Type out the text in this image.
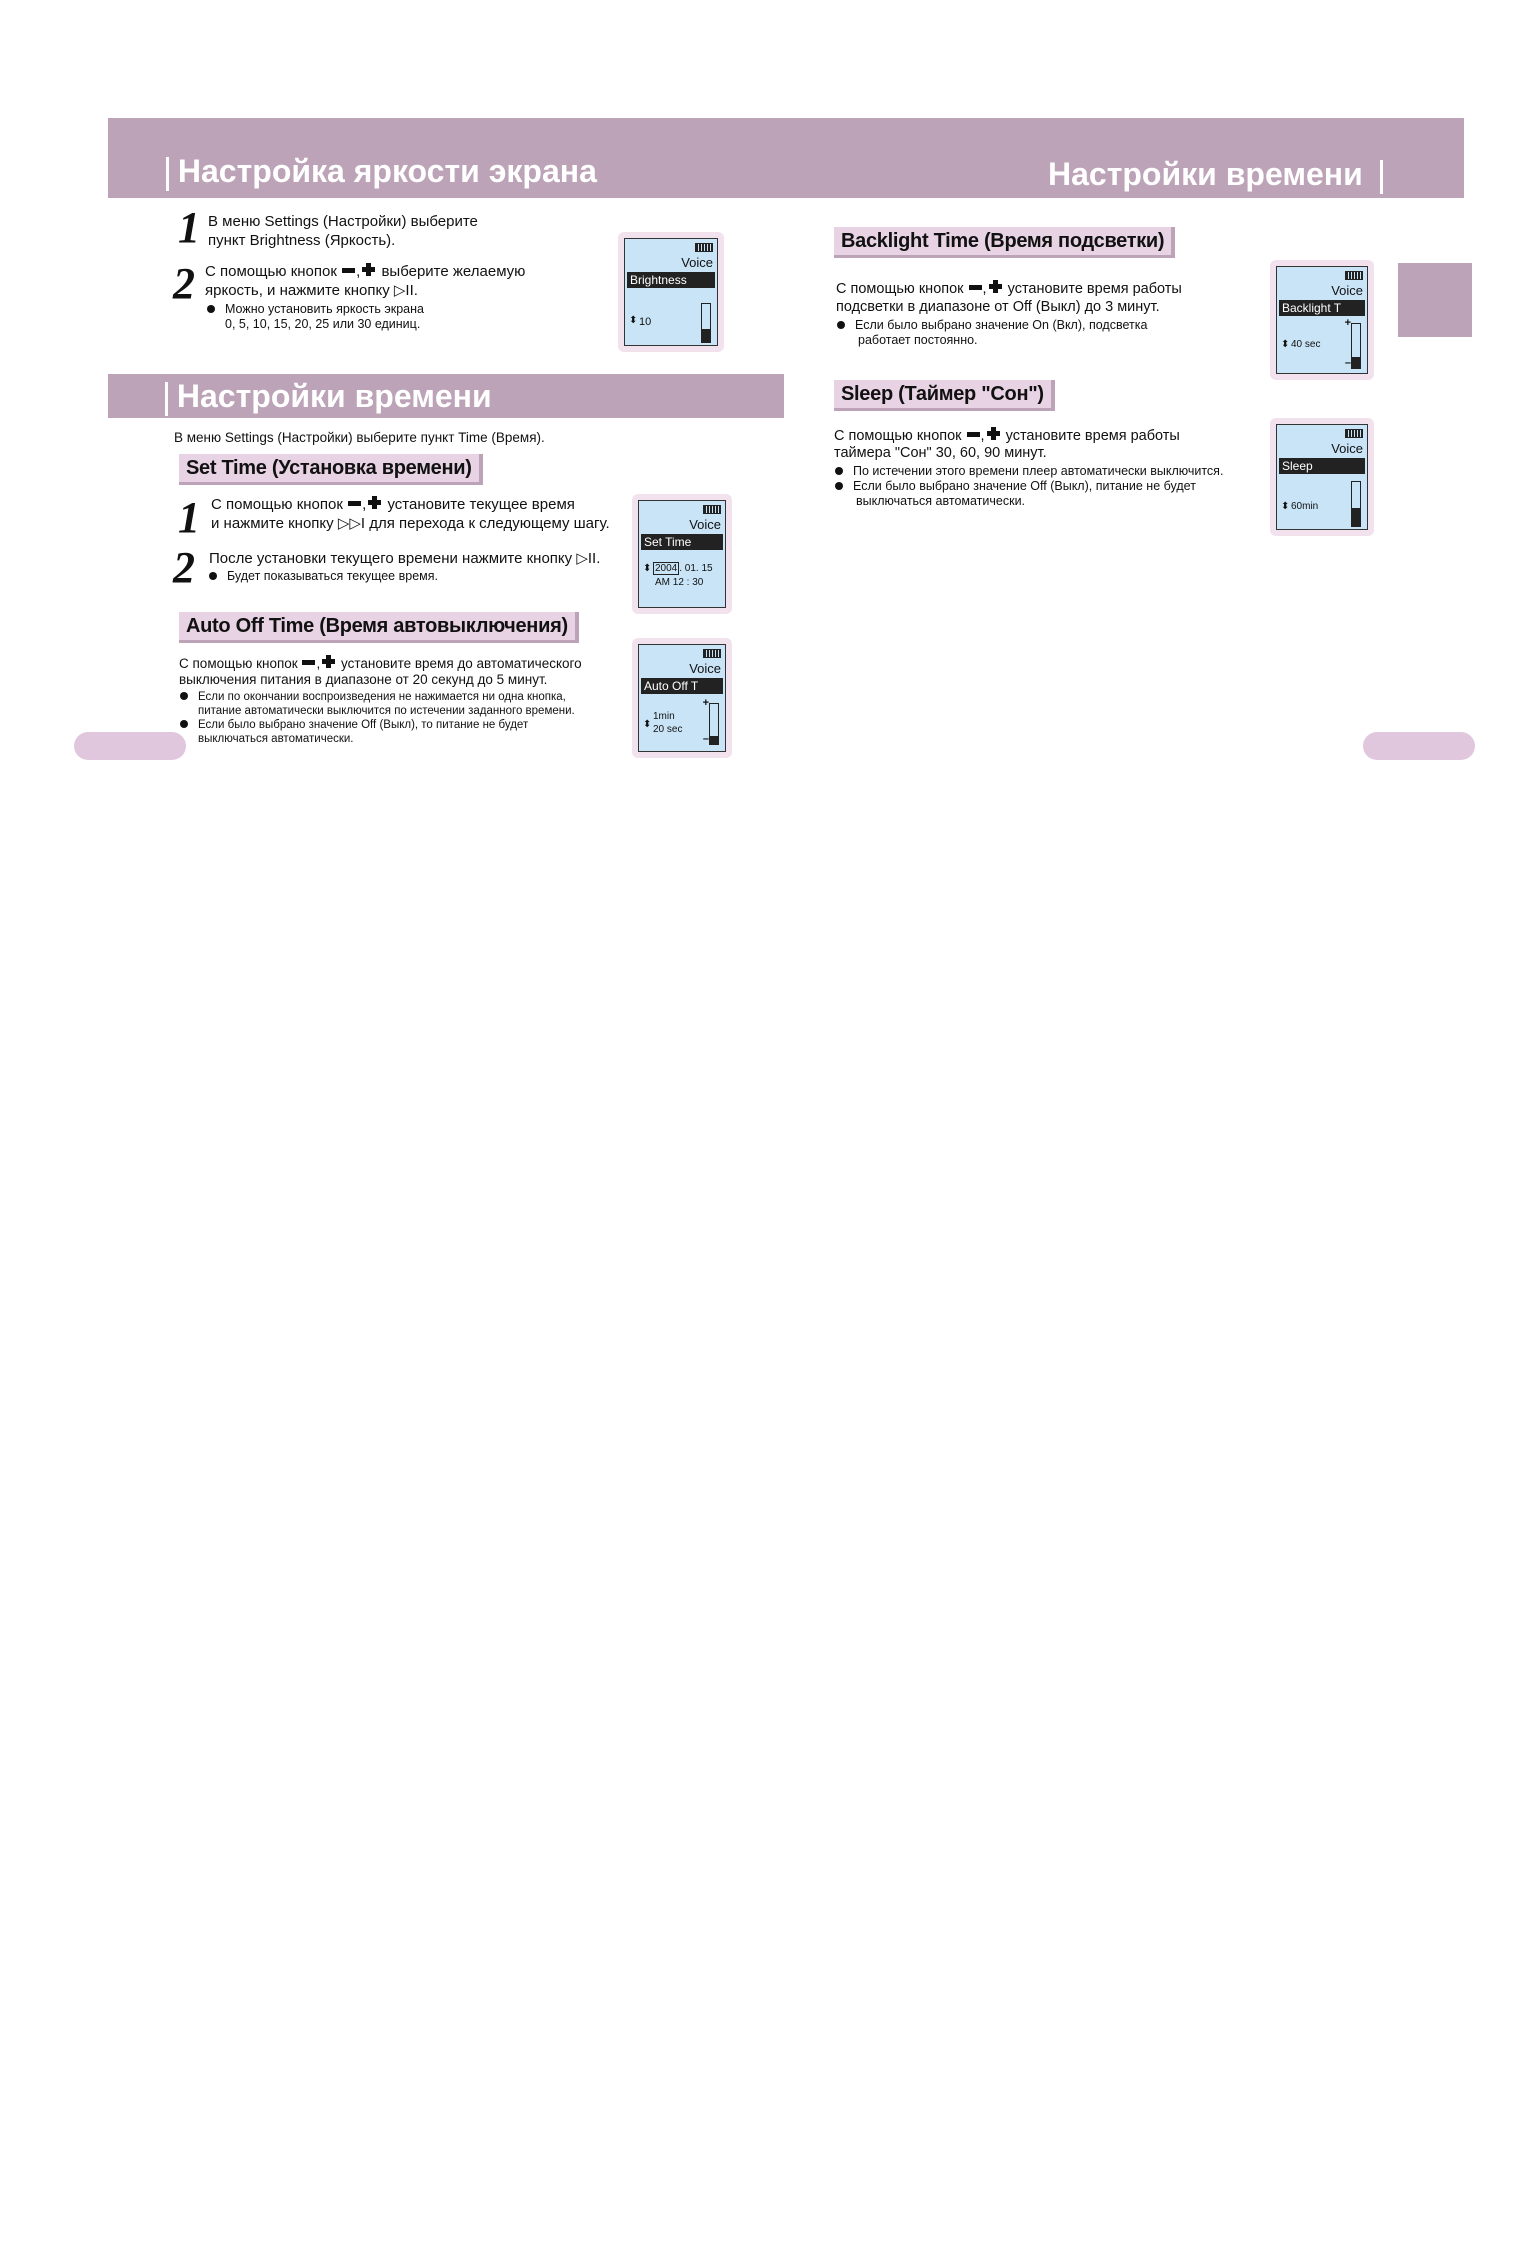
Настройка яркости экрана	Настройки времени
1 В меню Settings (Настройки) выберите
пункт Brightness (Яркость).
2 С помощью кнопок , выберите желаемую
яркость, и нажмите кнопку ▷II.
Можно установить яркость экрана
0, 5, 10, 15, 20, 25 или 30 единиц.
Voice
Brightness
⬍ 10
Настройки времени
В меню Settings (Настройки) выберите пункт Time (Время).
Set Time (Установка времени)
1 С помощью кнопок , установите текущее время
и нажмите кнопку ▷▷I для перехода к следующему шагу.
2 После установки текущего времени нажмите кнопку ▷II.
Будет показываться текущее время.
Voice
Set Time
⬍ 2004 . 01. 15
AM 12 : 30
Auto Off Time (Время автовыключения)
С помощью кнопок , установите время до автоматического
выключения питания в диапазоне от 20 секунд до 5 минут.
Если по окончании воспроизведения не нажимается ни одна кнопка,
питание автоматически выключится по истечении заданного времени.
Если было выбрано значение Off (Выкл), то питание не будет
выключаться автоматически.
Voice
Auto Off T
+
⬍
1min
20 sec
–
Backlight Time (Время подсветки)
С помощью кнопок , установите время работы
подсветки в диапазоне от Off (Выкл) до 3 минут.
Если было выбрано значение On (Вкл), подсветка
работает постоянно.
Voice
Backlight T
+
⬍ 40 sec
–
Sleep (Таймер "Сон")
С помощью кнопок , установите время работы
таймера "Сон" 30, 60, 90 минут.
По истечении этого времени плеер автоматически выключится.
Если было выбрано значение Off (Выкл), питание не будет
выключаться автоматически.
Voice
Sleep
⬍ 60min
